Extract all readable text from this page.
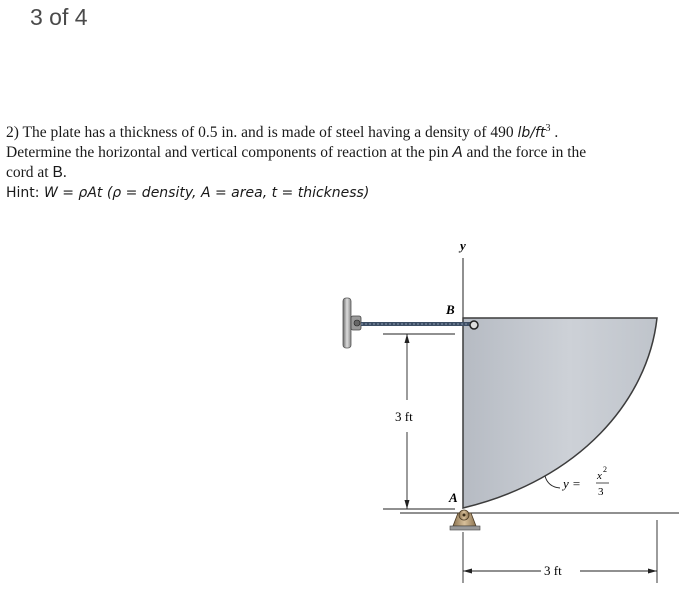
3 of 4
2) The plate has a thickness of 0.5 in. and is made of steel having a density of 490 $lb/ft^3$ .
Determine the horizontal and vertical components of reaction at the pin A and the force in the
cord at B.
Hint: W = ρAt (ρ = density, A = area, t = thickness)
y
B
3 ft
A
y = x
2
3
3 ft
